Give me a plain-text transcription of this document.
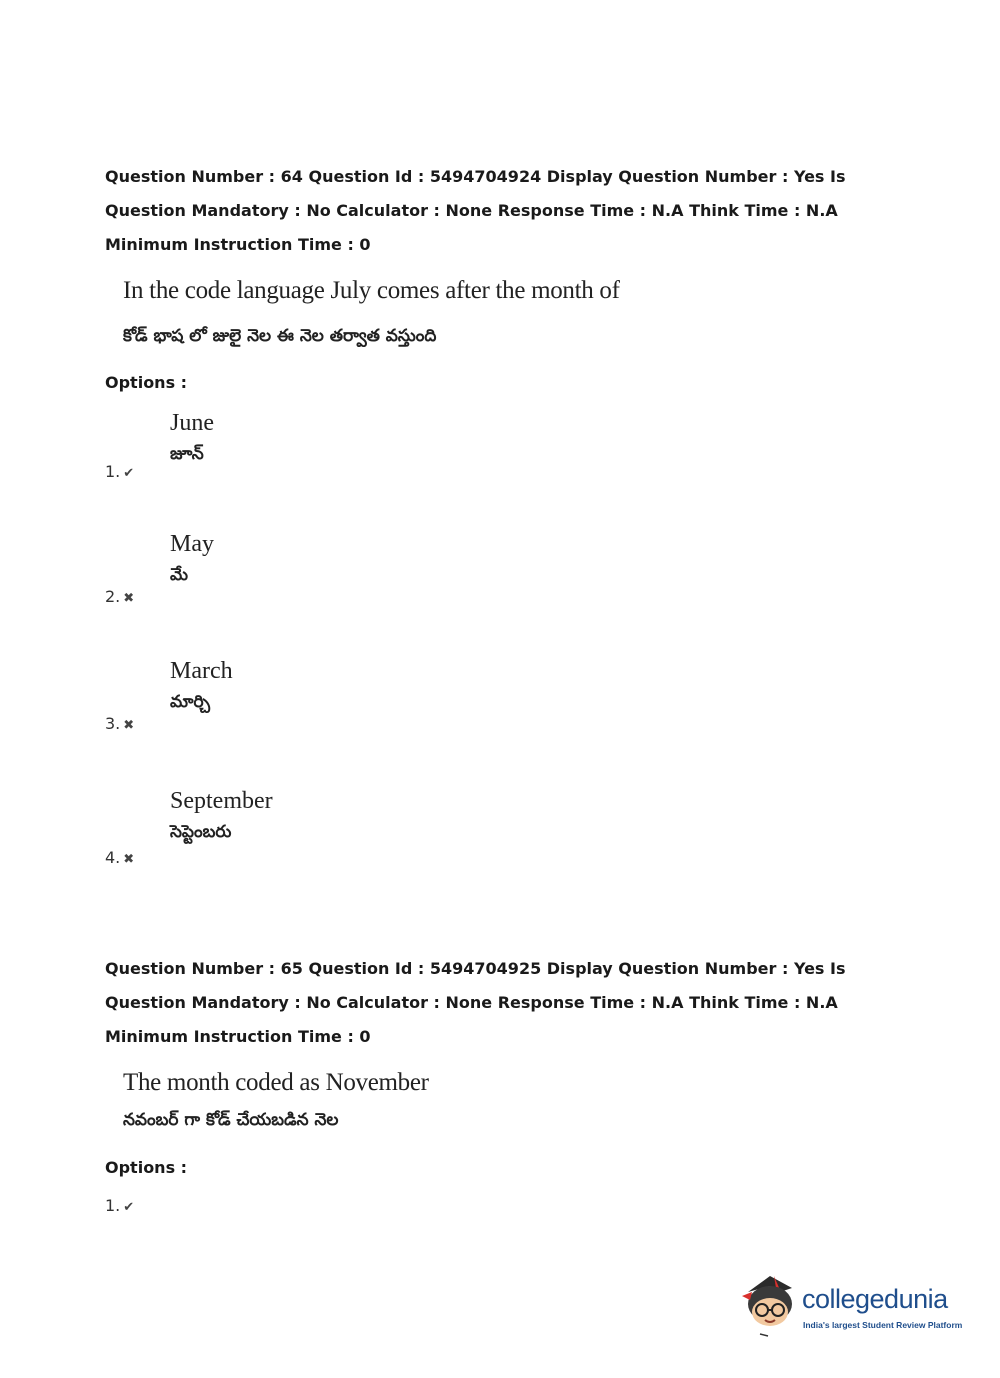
Question Number : 64 Question Id : 5494704924 Display Question Number : Yes Is Question Mandatory : No Calculator : None Response Time : N.A Think Time : N.A Minimum Instruction Time : 0

In the code language July comes after the month of
కోడ్ భాష లో జులై నెల ఈ నెల తర్వాత వస్తుంది
Options :
June
జూన్
1. ✔
May
మే
2. ✖
March
మార్చి
3. ✖
September
సెప్టెంబరు
4. ✖

Question Number : 65 Question Id : 5494704925 Display Question Number : Yes Is Question Mandatory : No Calculator : None Response Time : N.A Think Time : N.A Minimum Instruction Time : 0

The month coded as November
నవంబర్ గా కోడ్ చేయబడిన నెల
Options :
1. ✔
collegedunia
India's largest Student Review Platform
